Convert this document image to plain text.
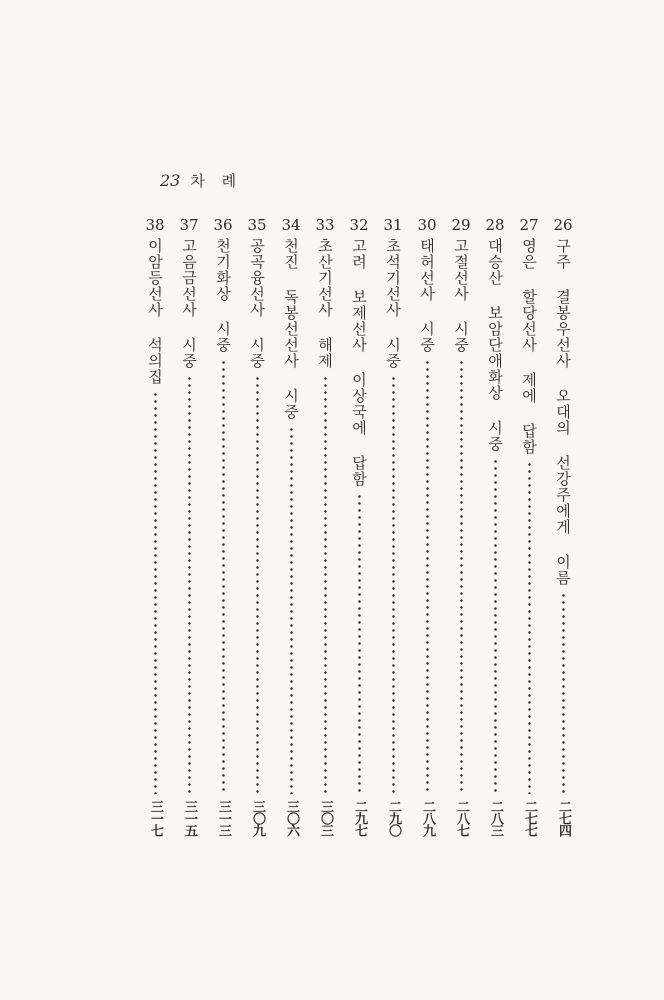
23 차 례
26
구주 결봉우선사 오대의 선강주에게 이름
二七四
27
영은 할당선사 제에 답함
二七七
28
대승산 보암단애화상 시중
二八三
29
고절선사 시중
二八七
30
태허선사 시중
二八九
31
초석기선사 시중
二九〇
32
고려 보제선사 이상국에 답함
二九七
33
초산기선사 해제
三〇三
34
천진 독봉선선사 시중
三〇六
35
공곡융선사 시중
三〇九
36
천기화상 시중
三一三
37
고음금선사 시중
三一五
38
이암등선사 석의집
三一七
